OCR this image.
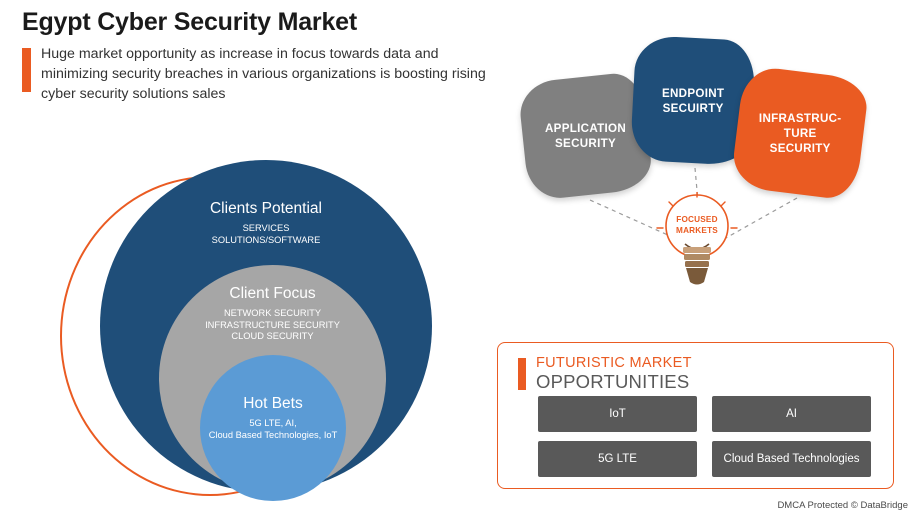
Egypt Cyber Security Market
Huge market opportunity as increase in focus towards data and minimizing security breaches in various organizations is boosting rising cyber security solutions sales
Clients Potential
SERVICES
SOLUTIONS/SOFTWARE
Client Focus
NETWORK SECURITY
INFRASTRUCTURE SECURITY
CLOUD SECURITY
Hot Bets
5G LTE, AI,
Cloud Based Technologies, IoT
APPLICATION
SECURITY
ENDPOINT
SECUIRTY
INFRASTRUC-
TURE
SECURITY
FOCUSED
MARKETS
FUTURISTIC MARKET
OPPORTUNITIES
IoT	AI
5G LTE	Cloud Based Technologies
DMCA Protected © DataBridge
